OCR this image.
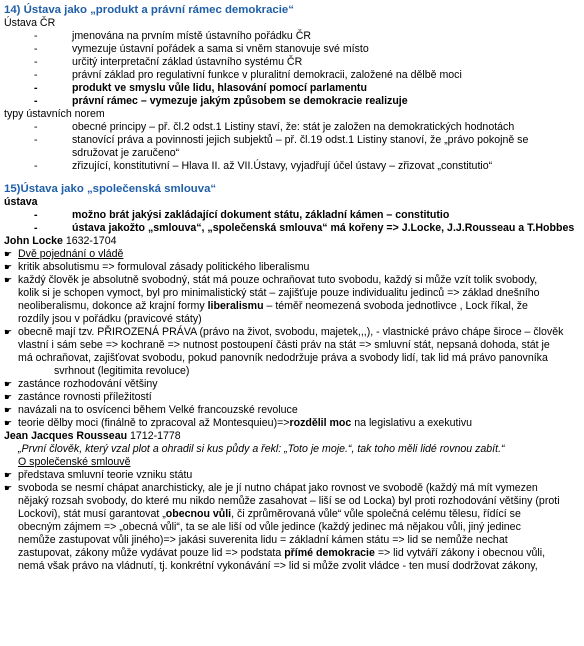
14) Ústava jako „produkt a právní rámec demokracie“
Ústava ČR
- jmenována na prvním místě ústavního pořádku ČR
- vymezuje ústavní pořádek a sama si vněm stanovuje své místo
- určitý interpretační základ ústavního systému ČR
- právní základ pro regulativní funkce v pluralitní demokracii, založené na dělbě moci
- produkt ve smyslu vůle lidu, hlasování pomocí parlamentu
- právní rámec – vymezuje jakým způsobem se demokracie realizuje
typy ústavních norem
- obecné principy – př. čl.2 odst.1 Listiny staví, že: stát je založen na demokratických hodnotách
- stanovící práva a povinnosti jejich subjektů – př. čl.19 odst.1 Listiny stanoví, že „právo pokojně se sdružovat je zaručeno“
- zřizující, konstitutivní – Hlava II. až VII.Ústavy, vyjadřují účel ústavy – zřizovat „constitutio“
15)Ústava jako „společenská smlouva“
ústava
- možno brát jakýsi zakládající dokument státu, základní kámen – constitutio
- ústava jakožto „smlouva“, „společenská smlouva“ má kořeny => J.Locke, J.J.Rousseau a T.Hobbes
John Locke 1632-1704
☛ Dvě pojednání o vládě
☛ kritik absolutismu => formuloval zásady politického liberalismu
☛ každý člověk je absolutně svobodný, stát má pouze ochraňovat tuto svobodu, každý si může vzít tolik svobody,
kolik si je schopen vymoct, byl pro minimalistický stát – zajišťuje pouze individualitu jedinců => základ dnešního
neoliberalismu, dokonce až krajní formy liberalismu – téměř neomezená svoboda jednotlivce , Lock říkal, že
rozdíly jsou v pořádku (pravicové státy)
☛ obecně mají tzv. PŘIROZENÁ PRÁVA (právo na život, svobodu, majetek,,,), - vlastnické právo chápe široce – člověk
vlastní i sám sebe => kochraně => nutnost postoupení části práv na stát => smluvní stát, nepsaná dohoda, stát je
má ochraňovat, zajišťovat svobodu, pokud panovník nedodržuje práva a svobody lidí, tak lid má právo panovníka
svrhnout (legitimita revoluce)
☛ zastánce rozhodování většiny
☛ zastánce rovnosti příležitostí
☛ navázali na to osvícenci během Velké francouzské revoluce
☛ teorie dělby moci (finálně to zpracoval až Montesquieu)=>rozdělil moc na legislativu a exekutivu
Jean Jacques Rousseau 1712-1778
„První člověk, který vzal plot a ohradil si kus půdy a řekl: „Toto je moje.“, tak toho měli lidé rovnou zabít.“
O společenské smlouvě
☛ představa smluvní teorie vzniku státu
☛ svoboda se nesmí chápat anarchisticky, ale je jí nutno chápat jako rovnost ve svobodě (každý má mít vymezen
nějaký rozsah svobody, do které mu nikdo nemůže zasahovat – liší se od Locka) byl proti rozhodování většiny (proti
Lockovi), stát musí garantovat „obecnou vůli, či zprůměrovaná vůle“ vůle společná celému tělesu, řídící se
obecným zájmem => „obecná vůli“, ta se ale liší od vůle jedince (každý jedinec má nějakou vůli, jiný jedinec
nemůže zastupovat vůli jiného)=> jakási suverenita lidu = základní kámen státu => lid se nemůže nechat
zastupovat, zákony může vydávat pouze lid => podstata přímé demokracie => lid vytváří zákony i obecnou vůli,
nemá však právo na vládnutí, tj. konkrétní vykonávání => lid si může zvolit vládce - ten musí dodržovat zákony,
